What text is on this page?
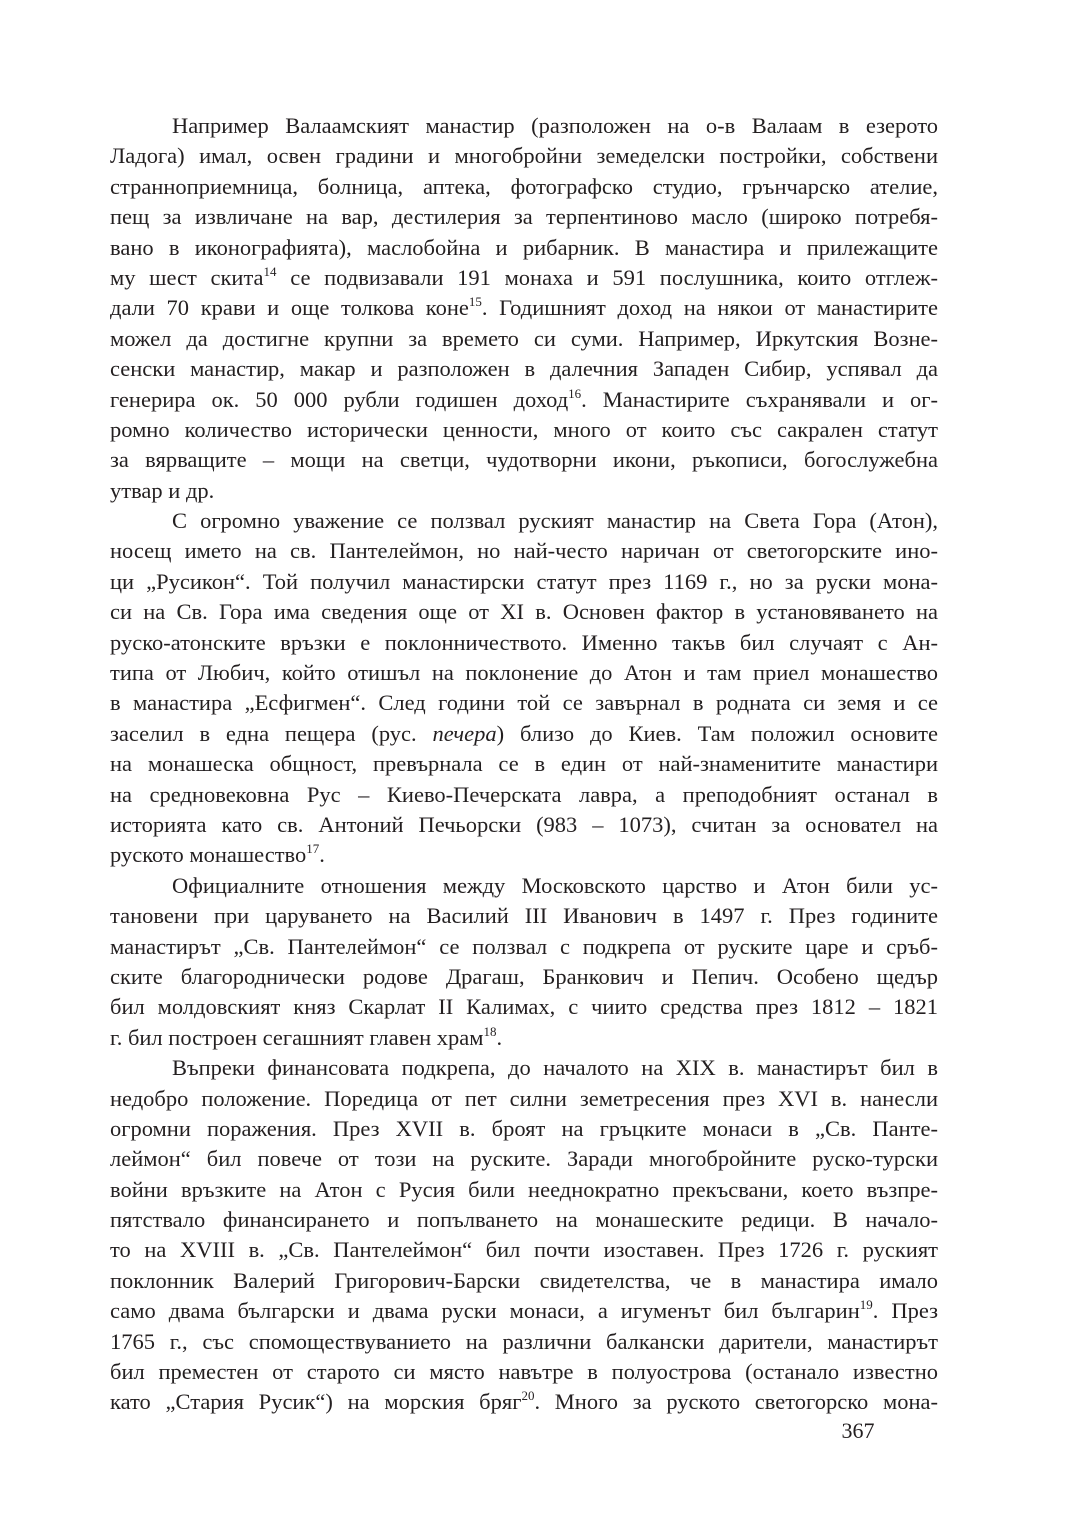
Например Валаамският манастир (разположен на о-в Валаам в езерото
Ладога) имал, освен градини и многобройни земеделски постройки, собствени
страннoприемница, болница, аптека, фотографско студио, грънчарско ателие,
пещ за извличане на вар, дестилерия за терпентиново масло (широко потребя-
вано в иконографията), маслобойна и рибарник. В манастира и прилежащите
му шест скита$^{14}$ се подвизавали 191 монаха и 591 послушника, които отглеж-
дали 70 крави и още толкова коне$^{15}$. Годишният доход на някои от манастирите
можел да достигне крупни за времето си суми. Например, Иркутския Возне-
сенски манастир, макар и разположен в далечния Западен Сибир, успявал да
генерира ок. 50 000 рубли годишен доход$^{16}$. Манастирите съхранявали и ог-
ромно количество исторически ценности, много от които със сакрален статут
за вярващите – мощи на светци, чудотворни икони, ръкописи, богослужебна
утвар и др.
С огромно уважение се ползвал руският манастир на Света Гора (Атон),
носещ името на св. Пантелеймон, но най-често наричан от светогорските ино-
ци „Русикон“. Той получил манастирски статут през 1169 г., но за руски мона-
си на Св. Гора има сведения още от XI в. Основен фактор в установяването на
руско-атонските връзки е поклонничеството. Именно такъв бил случаят с Ан-
типа от Любич, който отишъл на поклонение до Атон и там приел монашество
в манастира „Есфигмен“. След години той се завърнал в родната си земя и се
заселил в една пещера (рус. печера) близо до Киев. Там положил основите
на монашеска общност, превърнала се в един от най-знаменитите манастири
на средновековна Рус – Киево-Печерската лавра, а преподобният останал в
историята като св. Антоний Печьорски (983 – 1073), считан за основател на
руското монашество$^{17}$.
Официалните отношения между Московското царство и Атон били ус-
тановени при царуването на Василий III Иванович в 1497 г. През годините
манастирът „Св. Пантелеймон“ се ползвал с подкрепа от руските царе и сръб-
ските благороднически родове Драгаш, Бранкович и Пепич. Особено щедър
бил молдовският княз Скарлат II Калимах, с чиито средства през 1812 – 1821
г. бил построен сегашният главен храм$^{18}$.
Въпреки финансовата подкрепа, до началото на XIX в. манастирът бил в
недобро положение. Поредица от пет силни земетресения през XVI в. нанесли
огромни поражения. През XVII в. броят на гръцките монаси в „Св. Панте-
леймон“ бил повече от този на руските. Заради многобройните руско-турски
войни връзките на Атон с Русия били нееднократно прекъсвани, което възпре-
пятствало финансирането и попълването на монашеските редици. В начало-
то на XVIII в. „Св. Пантелеймон“ бил почти изоставен. През 1726 г. руският
поклонник Валерий Григорович-Барски свидетелства, че в манастира имало
само двама български и двама руски монаси, а игуменът бил българин$^{19}$. През
1765 г., със спомоществуванието на различни балкански дарители, манастирът
бил преместен от старото си място навътре в полуострова (останало известно
като „Стария Русик“) на морския бряг$^{20}$. Много за руското светогорско мона-
367
